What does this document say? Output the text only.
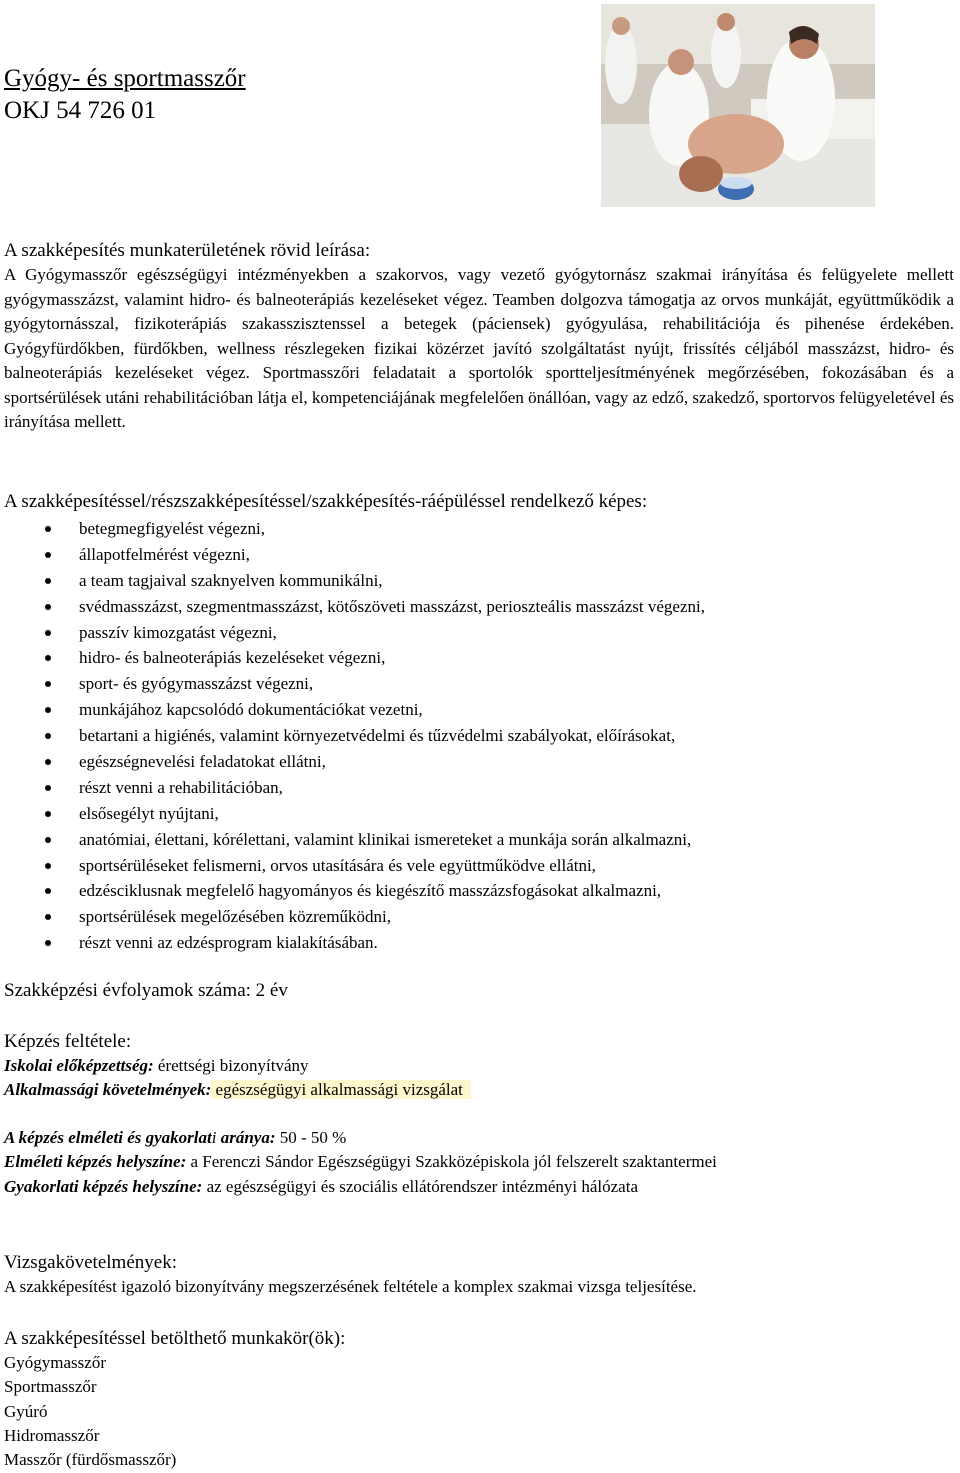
Gyógy- és sportmasszőr
OKJ 54 726 01
A szakképesítés munkaterületének rövid leírása:
A Gyógymasszőr egészségügyi intézményekben a szakorvos, vagy vezető gyógytornász szakmai irányítása és felügyelete mellett gyógymasszázst, valamint hidro- és balneoterápiás kezeléseket végez. Teamben dolgozva támogatja az orvos munkáját, együttműködik a gyógytornásszal, fizikoterápiás szakasszisztenssel a betegek (páciensek) gyógyulása, rehabilitációja és pihenése érdekében. Gyógyfürdőkben, fürdőkben, wellness részlegeken fizikai közérzet javító szolgáltatást nyújt, frissítés céljából masszázst, hidro- és balneoterápiás kezeléseket végez. Sportmasszőri feladatait a sportolók sportteljesítményének megőrzésében, fokozásában és a sportsérülések utáni rehabilitációban látja el, kompetenciájának megfelelően önállóan, vagy az edző, szakedző, sportorvos felügyeletével és irányítása mellett.
A szakképesítéssel/részszakképesítéssel/szakképesítés-ráépüléssel rendelkező képes:
betegmegfigyelést végezni,
állapotfelmérést végezni,
a team tagjaival szaknyelven kommunikálni,
svédmasszázst, szegmentmasszázst, kötőszöveti masszázst, perioszteális masszázst végezni,
passzív kimozgatást végezni,
hidro- és balneoterápiás kezeléseket végezni,
sport- és gyógymasszázst végezni,
munkájához kapcsolódó dokumentációkat vezetni,
betartani a higiénés, valamint környezetvédelmi és tűzvédelmi szabályokat, előírásokat,
egészségnevelési feladatokat ellátni,
részt venni a rehabilitációban,
elsősegélyt nyújtani,
anatómiai, élettani, kórélettani, valamint klinikai ismereteket a munkája során alkalmazni,
sportsérüléseket felismerni, orvos utasítására és vele együttműködve ellátni,
edzésciklusnak megfelelő hagyományos és kiegészítő masszázsfogásokat alkalmazni,
sportsérülések megelőzésében közreműködni,
részt venni az edzésprogram kialakításában.
Szakképzési évfolyamok száma: 2 év
Képzés feltétele:
Iskolai előképzettség: érettségi bizonyítvány
Alkalmassági követelmények: egészségügyi alkalmassági vizsgálat
A képzés elméleti és gyakorlati aránya: 50 - 50 %
Elméleti képzés helyszíne: a Ferenczi Sándor Egészségügyi Szakközépiskola jól felszerelt szaktantermei
Gyakorlati képzés helyszíne: az egészségügyi és szociális ellátórendszer intézményi hálózata
Vizsgakövetelmények:
A szakképesítést igazoló bizonyítvány megszerzésének feltétele a komplex szakmai vizsga teljesítése.
A szakképesítéssel betölthető munkakör(ök):
Gyógymasszőr
Sportmasszőr
Gyúró
Hidromasszőr
Masszőr (fürdősmasszőr)
